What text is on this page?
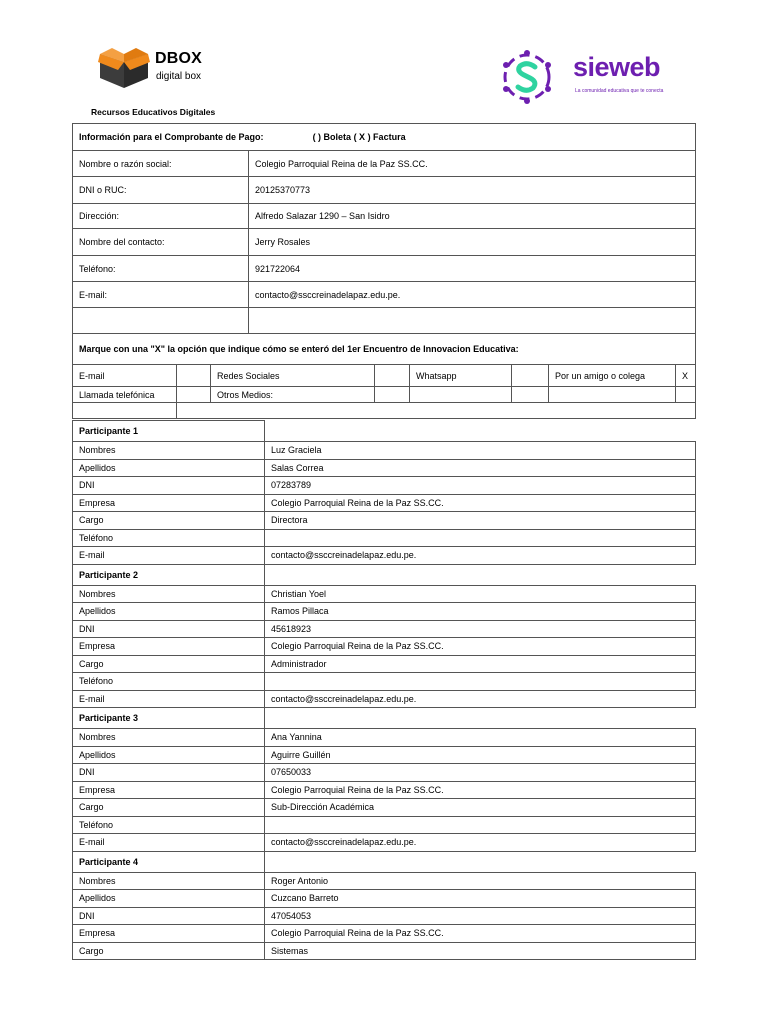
DBOX
digital box
Recursos Educativos Digitales
sieweb
La comunidad educativa que te conecta
Información para el Comprobante de Pago: ( ) Boleta ( X ) Factura								
Nombre o razón social:			Colegio Parroquial Reina de la Paz SS.CC.					
DNI o RUC:			20125370773					
Dirección:			Alfredo Salazar 1290 – San Isidro					
Nombre del contacto:			Jerry Rosales					
Teléfono:			921722064					
E-mail:			contacto@ssccreinadelapaz.edu.pe.					

Marque con una "X" la opción que indique cómo se enteró del 1er Encuentro de Innovacion Educativa:								
E-mail		Redes Sociales			Whatsapp		Por un amigo o colega	X
Llamada telefónica		Otros Medios:						

Participante 1	
Nombres	Luz Graciela
Apellidos	Salas Correa
DNI	07283789
Empresa	Colegio Parroquial Reina de la Paz SS.CC.
Cargo	Directora
Teléfono	
E-mail	contacto@ssccreinadelapaz.edu.pe.
Participante 2	
Nombres	Christian Yoel
Apellidos	Ramos Pillaca
DNI	45618923
Empresa	Colegio Parroquial Reina de la Paz SS.CC.
Cargo	Administrador
Teléfono	
E-mail	contacto@ssccreinadelapaz.edu.pe.
Participante 3	
Nombres	Ana Yannina
Apellidos	Aguirre Guillén
DNI	07650033
Empresa	Colegio Parroquial Reina de la Paz SS.CC.
Cargo	Sub-Dirección Académica
Teléfono	
E-mail	contacto@ssccreinadelapaz.edu.pe.
Participante 4	
Nombres	Roger Antonio
Apellidos	Cuzcano Barreto
DNI	47054053
Empresa	Colegio Parroquial Reina de la Paz SS.CC.
Cargo	Sistemas
